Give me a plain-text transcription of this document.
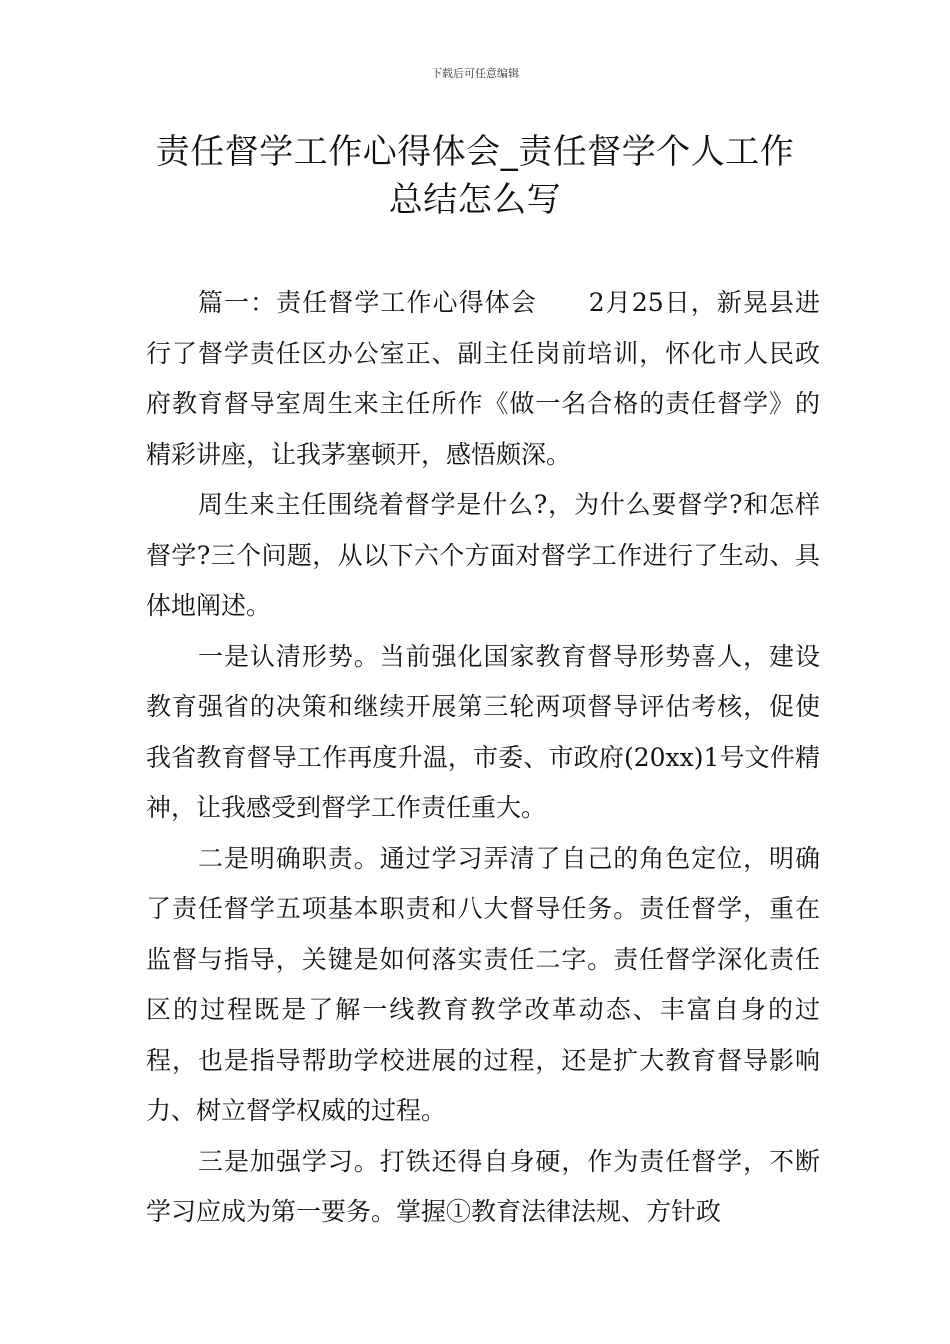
下载后可任意编辑
责任督学工作心得体会_责任督学个人工作
总结怎么写

篇一：责任督学工作心得体会 2月25日，新晃县进行了督学责任区办公室正、副主任岗前培训，怀化市人民政府教育督导室周生来主任所作《做一名合格的责任督学》的精彩讲座，让我茅塞顿开，感悟颇深。

周生来主任围绕着督学是什么?，为什么要督学?和怎样督学?三个问题，从以下六个方面对督学工作进行了生动、具体地阐述。

一是认清形势。当前强化国家教育督导形势喜人，建设教育强省的决策和继续开展第三轮两项督导评估考核，促使我省教育督导工作再度升温，市委、市政府(20xx)1号文件精神，让我感受到督学工作责任重大。

二是明确职责。通过学习弄清了自己的角色定位，明确了责任督学五项基本职责和八大督导任务。责任督学，重在监督与指导，关键是如何落实责任二字。责任督学深化责任区的过程既是了解一线教育教学改革动态、丰富自身的过程，也是指导帮助学校进展的过程，还是扩大教育督导影响力、树立督学权威的过程。

三是加强学习。打铁还得自身硬，作为责任督学，不断学习应成为第一要务。掌握①教育法律法规、方针政
